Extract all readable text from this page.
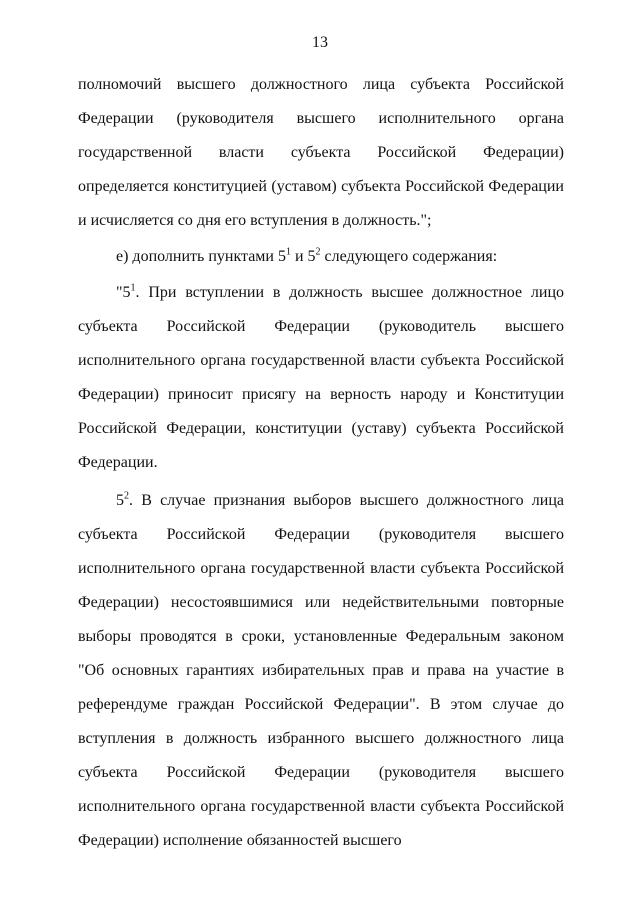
13

полномочий высшего должностного лица субъекта Российской Федерации (руководителя высшего исполнительного органа государственной власти субъекта Российской Федерации) определяется конституцией (уставом) субъекта Российской Федерации и исчисляется со дня его вступления в должность.";

е) дополнить пунктами $5^1$ и $5^2$ следующего содержания:

"$5^1$. При вступлении в должность высшее должностное лицо субъекта Российской Федерации (руководитель высшего исполнительного органа государственной власти субъекта Российской Федерации) приносит присягу на верность народу и Конституции Российской Федерации, конституции (уставу) субъекта Российской Федерации.

$5^2$. В случае признания выборов высшего должностного лица субъекта Российской Федерации (руководителя высшего исполнительного органа государственной власти субъекта Российской Федерации) несостоявшимися или недействительными повторные выборы проводятся в сроки, установленные Федеральным законом "Об основных гарантиях избирательных прав и права на участие в референдуме граждан Российской Федерации". В этом случае до вступления в должность избранного высшего должностного лица субъекта Российской Федерации (руководителя высшего исполнительного органа государственной власти субъекта Российской Федерации) исполнение обязанностей высшего
